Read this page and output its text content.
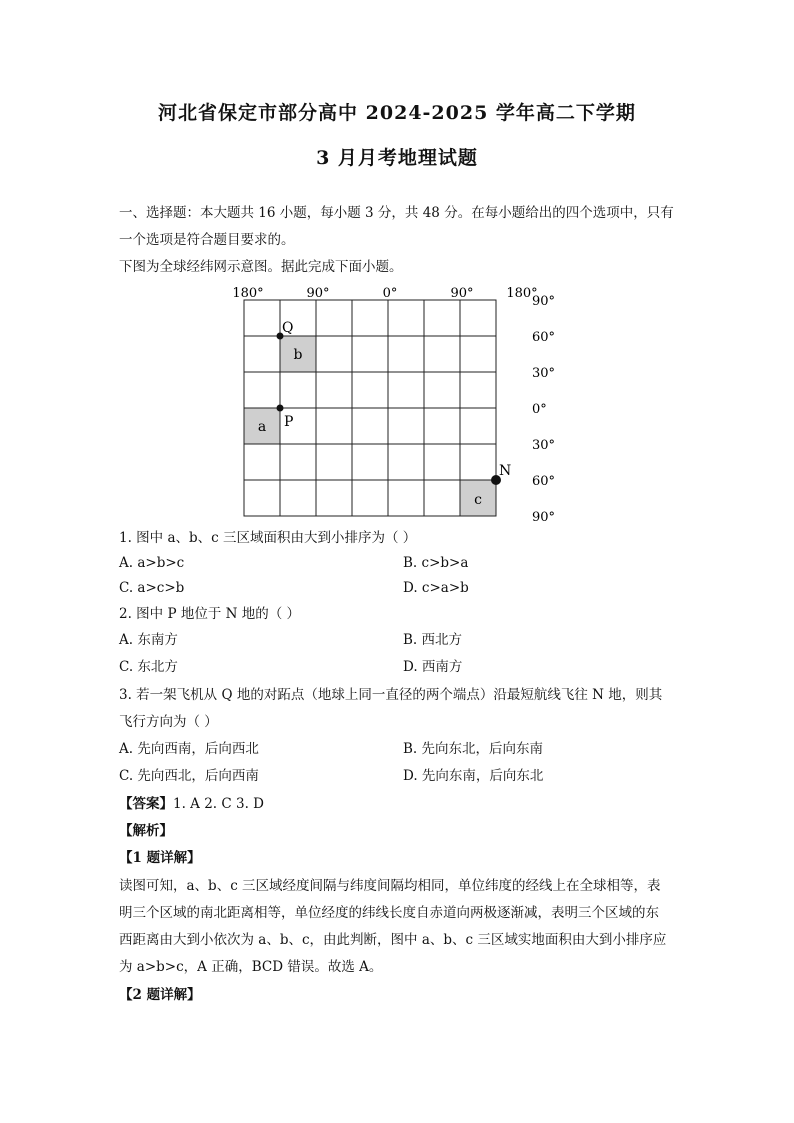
河北省保定市部分高中 2024-2025 学年高二下学期
3 月月考地理试题
一、选择题：本大题共 16 小题，每小题 3 分，共 48 分。在每小题给出的四个选项中，只有
一个选项是符合题目要求的。
下图为全球经纬网示意图。据此完成下面小题。
180°	90°	0°	90°	180°
90°
60°
30°
0°
30°
60°
90°
Q
P
N
b
a
c
1. 图中 a、b、c 三区域面积由大到小排序为（ ）
A. a>b>c	B. c>b>a
C. a>c>b	D. c>a>b
2. 图中 P 地位于 N 地的（ ）
A. 东南方	B. 西北方
C. 东北方	D. 西南方
3. 若一架飞机从 Q 地的对跖点（地球上同一直径的两个端点）沿最短航线飞往 N 地，则其
飞行方向为（ ）
A. 先向西南，后向西北	B. 先向东北，后向东南
C. 先向西北，后向西南	D. 先向东南，后向东北
【答案】1. A 2. C 3. D
【解析】
【1 题详解】
读图可知，a、b、c 三区域经度间隔与纬度间隔均相同，单位纬度的经线上在全球相等，表
明三个区域的南北距离相等，单位经度的纬线长度自赤道向两极逐渐减，表明三个区域的东
西距离由大到小依次为 a、b、c，由此判断，图中 a、b、c 三区域实地面积由大到小排序应
为 a>b>c，A 正确，BCD 错误。故选 A。
【2 题详解】
